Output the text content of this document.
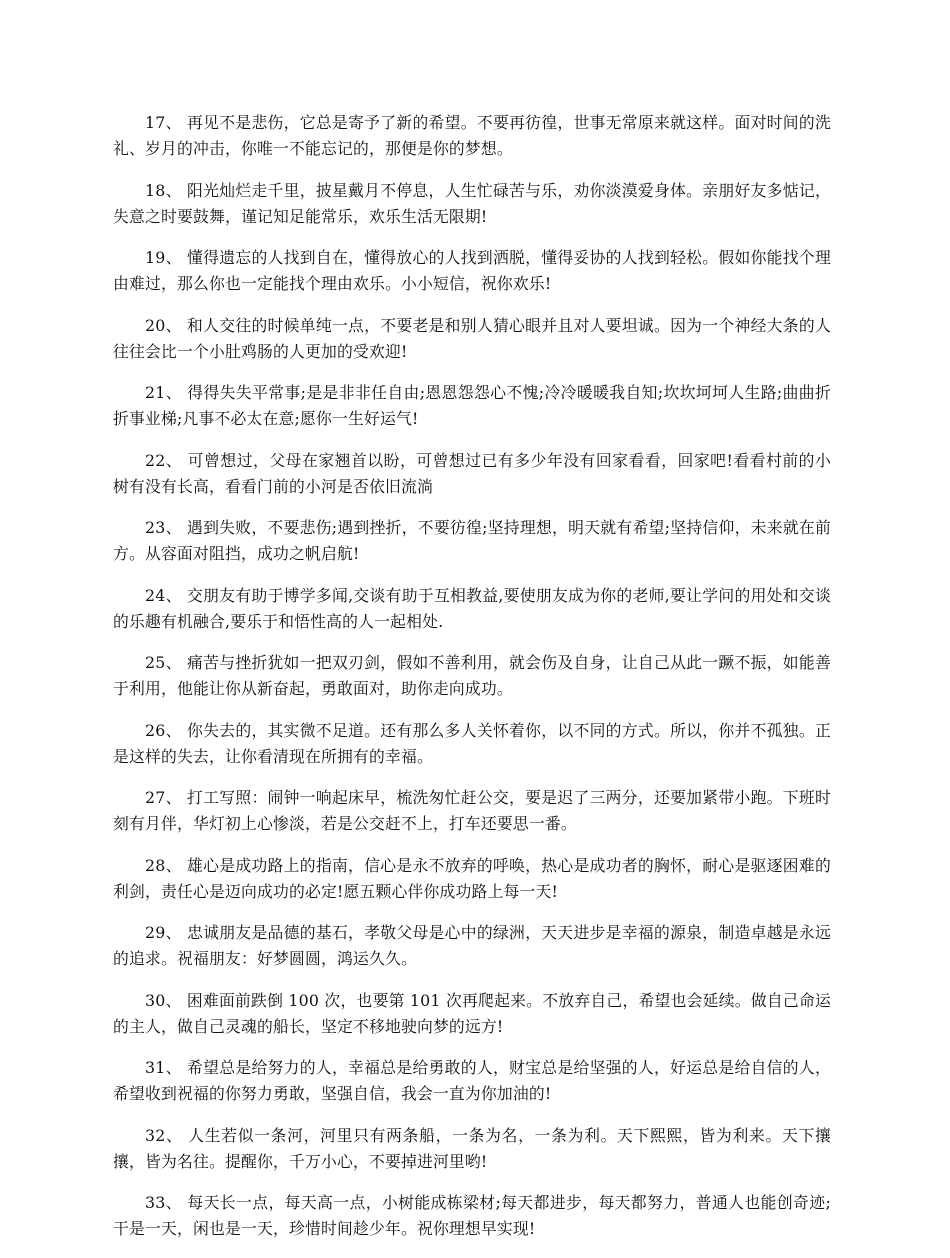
17、 再见不是悲伤，它总是寄予了新的希望。不要再彷徨，世事无常原来就这样。面对时间的洗礼、岁月的冲击，你唯一不能忘记的，那便是你的梦想。

18、 阳光灿烂走千里，披星戴月不停息，人生忙碌苦与乐，劝你淡漠爱身体。亲朋好友多惦记，失意之时要鼓舞，谨记知足能常乐，欢乐生活无限期!

19、 懂得遗忘的人找到自在，懂得放心的人找到洒脱，懂得妥协的人找到轻松。假如你能找个理由难过，那么你也一定能找个理由欢乐。小小短信，祝你欢乐!

20、 和人交往的时候单纯一点，不要老是和别人猜心眼并且对人要坦诚。因为一个神经大条的人往往会比一个小肚鸡肠的人更加的受欢迎!

21、 得得失失平常事;是是非非任自由;恩恩怨怨心不愧;冷冷暖暖我自知;坎坎坷坷人生路;曲曲折折事业梯;凡事不必太在意;愿你一生好运气!

22、 可曾想过，父母在家翘首以盼，可曾想过已有多少年没有回家看看，回家吧!看看村前的小树有没有长高，看看门前的小河是否依旧流淌

23、 遇到失败，不要悲伤;遇到挫折，不要彷徨;坚持理想，明天就有希望;坚持信仰，未来就在前方。从容面对阻挡，成功之帆启航!

24、 交朋友有助于博学多闻,交谈有助于互相教益,要使朋友成为你的老师,要让学问的用处和交谈的乐趣有机融合,要乐于和悟性高的人一起相处.

25、 痛苦与挫折犹如一把双刃剑，假如不善利用，就会伤及自身，让自己从此一蹶不振，如能善于利用，他能让你从新奋起，勇敢面对，助你走向成功。

26、 你失去的，其实微不足道。还有那么多人关怀着你，以不同的方式。所以，你并不孤独。正是这样的失去，让你看清现在所拥有的幸福。

27、 打工写照：闹钟一响起床早，梳洗匆忙赶公交，要是迟了三两分，还要加紧带小跑。下班时刻有月伴，华灯初上心惨淡，若是公交赶不上，打车还要思一番。

28、 雄心是成功路上的指南，信心是永不放弃的呼唤，热心是成功者的胸怀，耐心是驱逐困难的利剑，责任心是迈向成功的必定!愿五颗心伴你成功路上每一天!

29、 忠诚朋友是品德的基石，孝敬父母是心中的绿洲，天天进步是幸福的源泉，制造卓越是永远的追求。祝福朋友：好梦圆圆，鸿运久久。

30、 困难面前跌倒 100 次，也要第 101 次再爬起来。不放弃自己，希望也会延续。做自己命运的主人，做自己灵魂的船长，坚定不移地驶向梦的远方!

31、 希望总是给努力的人，幸福总是给勇敢的人，财宝总是给坚强的人，好运总是给自信的人，希望收到祝福的你努力勇敢，坚强自信，我会一直为你加油的!

32、 人生若似一条河，河里只有两条船，一条为名，一条为利。天下熙熙，皆为利来。天下攘攘，皆为名往。提醒你，千万小心，不要掉进河里哟!

33、 每天长一点，每天高一点，小树能成栋梁材;每天都进步，每天都努力，普通人也能创奇迹;干是一天，闲也是一天，珍惜时间趁少年。祝你理想早实现!
